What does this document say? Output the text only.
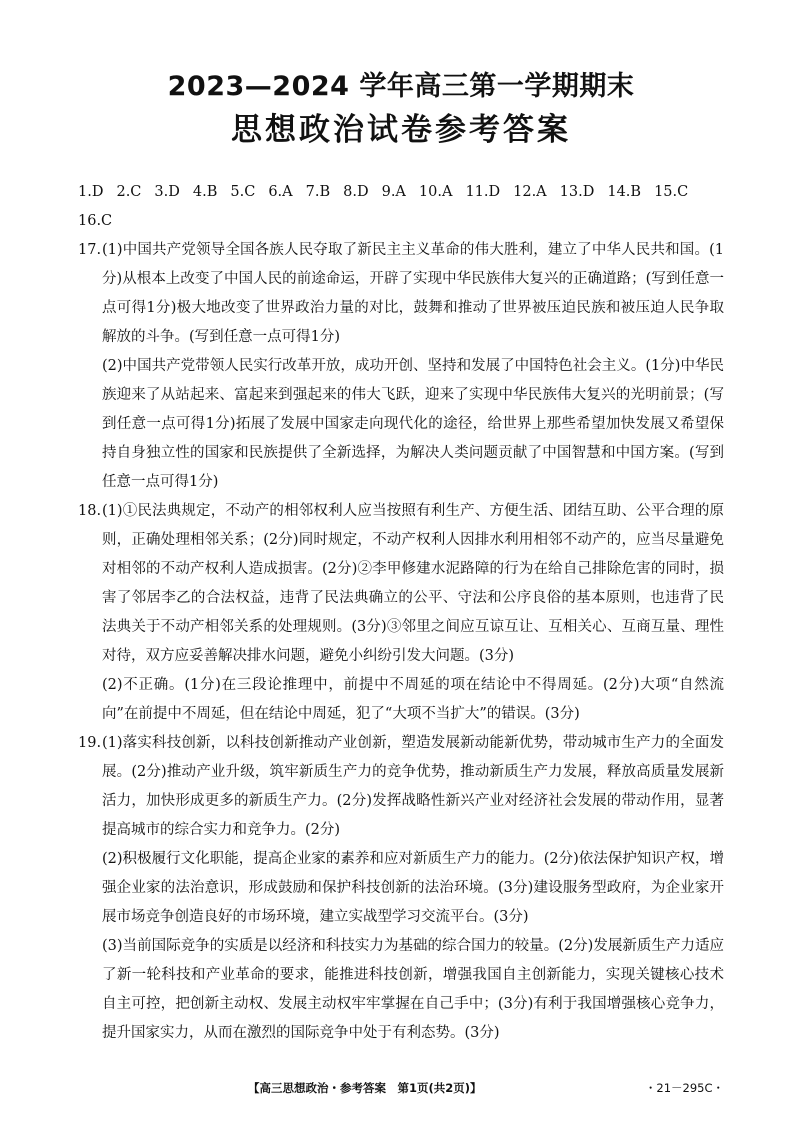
2023—2024 学年高三第一学期期末
思想政治试卷参考答案
1.D 2.C 3.D 4.B 5.C 6.A 7.B 8.D 9.A 10.A 11.D 12.A 13.D 14.B 15.C
16.C
17. (1)中国共产党领导全国各族人民夺取了新民主主义革命的伟大胜利，建立了中华人民共和国。(1分)从根本上改变了中国人民的前途命运，开辟了实现中华民族伟大复兴的正确道路；(写到任意一点可得1分)极大地改变了世界政治力量的对比，鼓舞和推动了世界被压迫民族和被压迫人民争取解放的斗争。(写到任意一点可得1分)

(2)中国共产党带领人民实行改革开放，成功开创、坚持和发展了中国特色社会主义。(1分)中华民族迎来了从站起来、富起来到强起来的伟大飞跃，迎来了实现中华民族伟大复兴的光明前景；(写到任意一点可得1分)拓展了发展中国家走向现代化的途径，给世界上那些希望加快发展又希望保持自身独立性的国家和民族提供了全新选择，为解决人类问题贡献了中国智慧和中国方案。(写到任意一点可得1分)

18. (1)①民法典规定，不动产的相邻权利人应当按照有利生产、方便生活、团结互助、公平合理的原则，正确处理相邻关系；(2分)同时规定，不动产权利人因排水利用相邻不动产的，应当尽量避免对相邻的不动产权利人造成损害。(2分)②李甲修建水泥路障的行为在给自己排除危害的同时，损害了邻居李乙的合法权益，违背了民法典确立的公平、守法和公序良俗的基本原则，也违背了民法典关于不动产相邻关系的处理规则。(3分)③邻里之间应互谅互让、互相关心、互商互量、理性对待，双方应妥善解决排水问题，避免小纠纷引发大问题。(3分)

(2)不正确。(1分)在三段论推理中，前提中不周延的项在结论中不得周延。(2分)大项“自然流向”在前提中不周延，但在结论中周延，犯了“大项不当扩大”的错误。(3分)

19. (1)落实科技创新，以科技创新推动产业创新，塑造发展新动能新优势，带动城市生产力的全面发展。(2分)推动产业升级，筑牢新质生产力的竞争优势，推动新质生产力发展，释放高质量发展新活力，加快形成更多的新质生产力。(2分)发挥战略性新兴产业对经济社会发展的带动作用，显著提高城市的综合实力和竞争力。(2分)

(2)积极履行文化职能，提高企业家的素养和应对新质生产力的能力。(2分)依法保护知识产权，增强企业家的法治意识，形成鼓励和保护科技创新的法治环境。(3分)建设服务型政府，为企业家开展市场竞争创造良好的市场环境，建立实战型学习交流平台。(3分)

(3)当前国际竞争的实质是以经济和科技实力为基础的综合国力的较量。(2分)发展新质生产力适应了新一轮科技和产业革命的要求，能推进科技创新，增强我国自主创新能力，实现关键核心技术自主可控，把创新主动权、发展主动权牢牢掌握在自己手中；(3分)有利于我国增强核心竞争力，提升国家实力，从而在激烈的国际竞争中处于有利态势。(3分)

【高三思想政治・参考答案　第1页(共2页)】	・21－295C・
